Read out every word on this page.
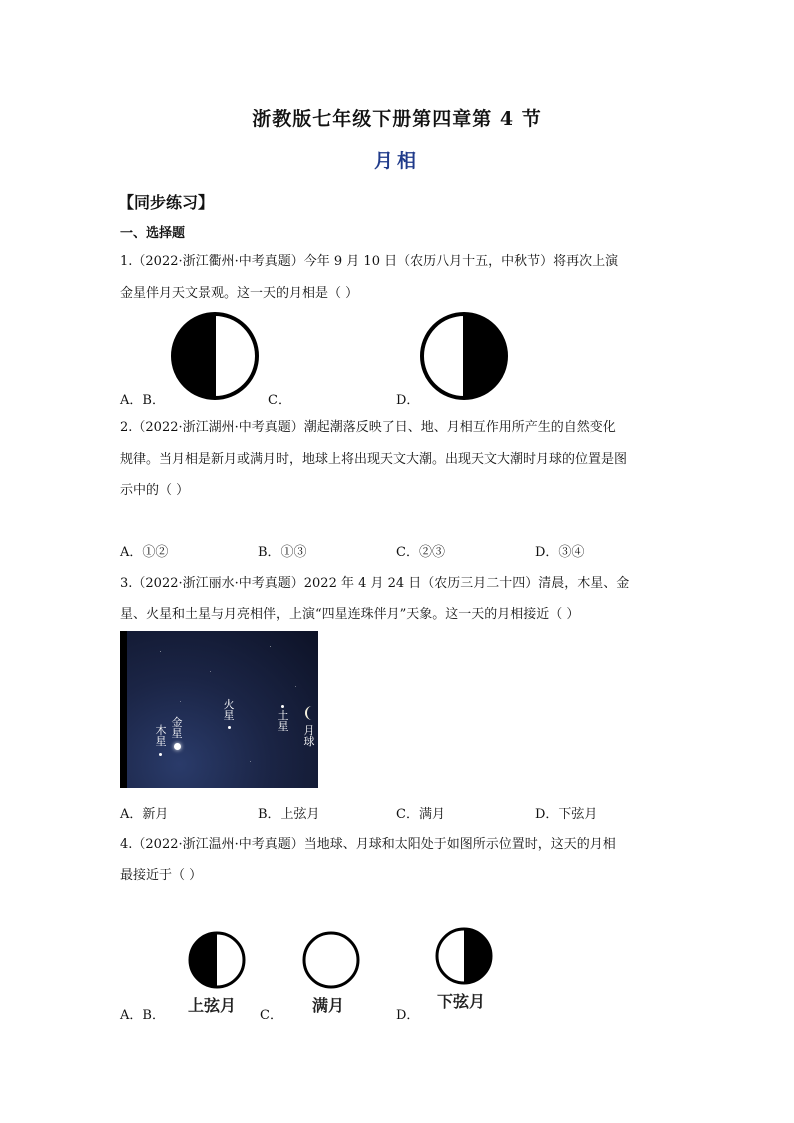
浙教版七年级下册第四章第 4 节
月相
【同步练习】
一、选择题
1.（2022·浙江衢州·中考真题）今年 9 月 10 日（农历八月十五，中秋节）将再次上演
金星伴月天文景观。这一天的月相是（ ）
A．B．	C．	D．
2.（2022·浙江湖州·中考真题）潮起潮落反映了日、地、月相互作用所产生的自然变化
规律。当月相是新月或满月时，地球上将出现天文大潮。出现天文大潮时月球的位置是图
示中的（ ）
A．①②	B．①③	C．②③	D．③④
3.（2022·浙江丽水·中考真题）2022 年 4 月 24 日（农历三月二十四）清晨，木星、金
星、火星和土星与月亮相伴，上演“四星连珠伴月”天象。这一天的月相接近（ ）
木星
金星
火星	土星 月球
A．新月	B．上弦月	C．满月	D．下弦月
4.（2022·浙江温州·中考真题）当地球、月球和太阳处于如图所示位置时，这天的月相
最接近于（ ）
上弦月	满月	下弦月
A．B．	C．	D．
